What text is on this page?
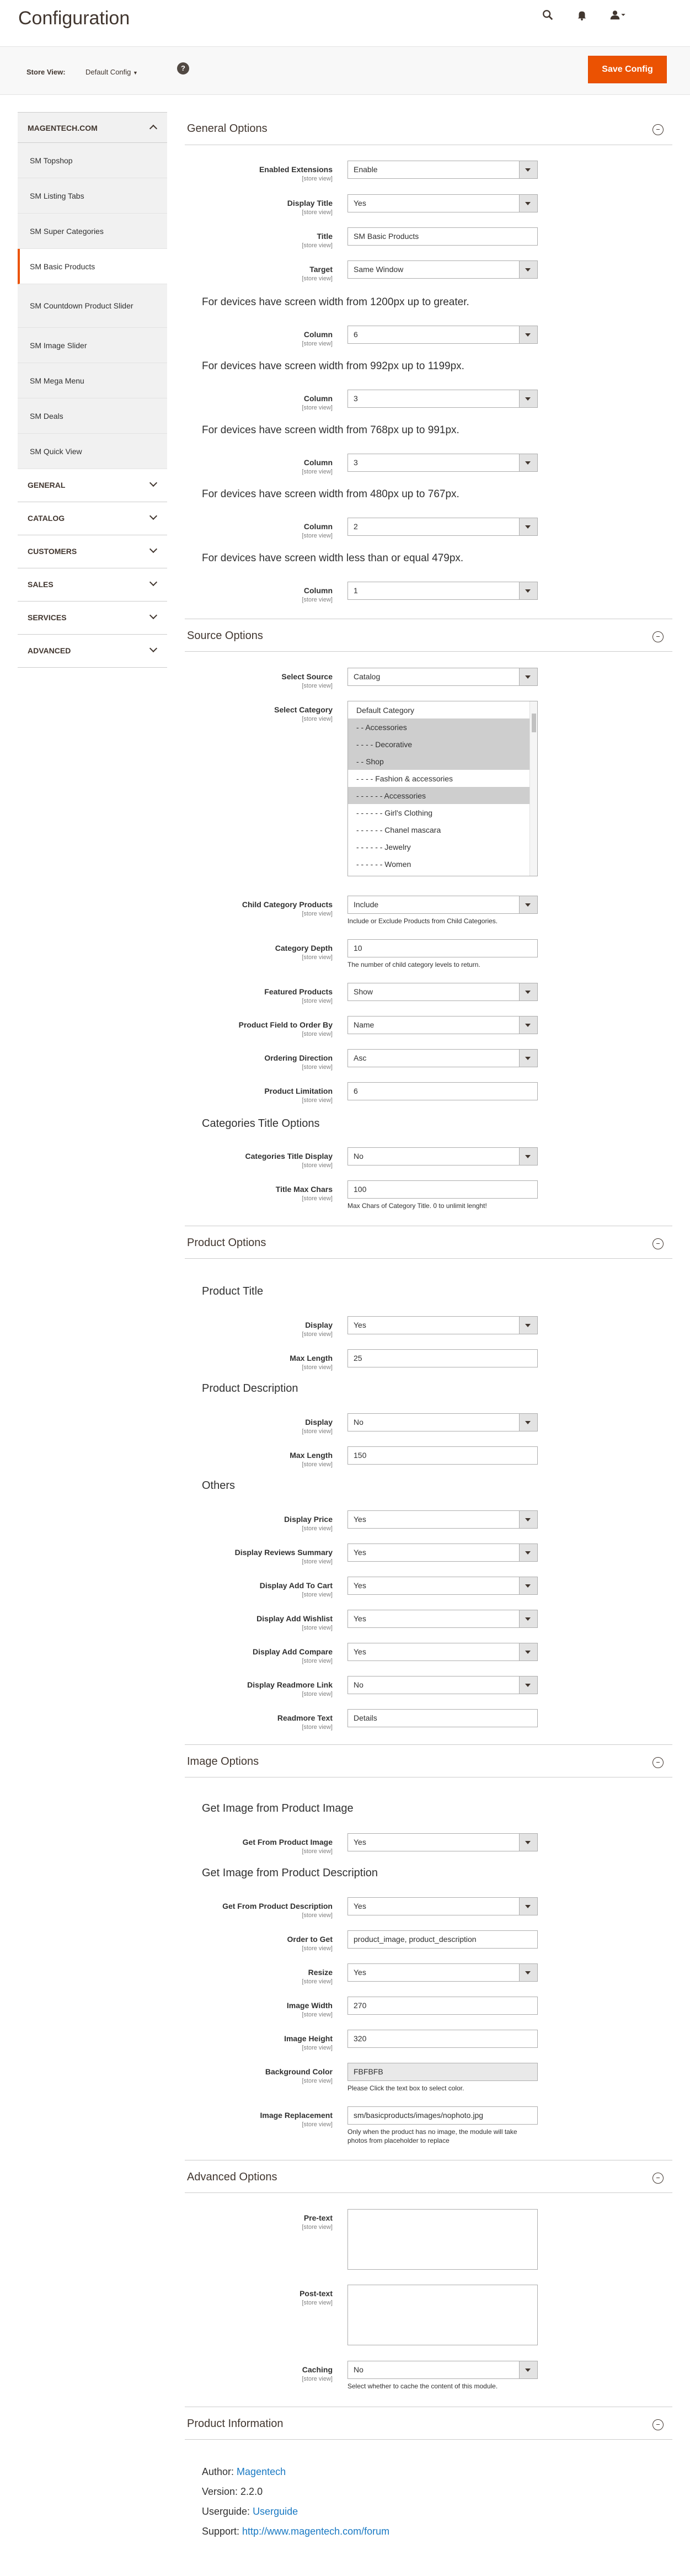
Configuration
Store View:	Default Config ▼
?	Save Config
MAGENTECH.COM
SM Topshop
SM Listing Tabs
SM Super Categories
SM Basic Products
SM Countdown Product Slider
SM Image Slider
SM Mega Menu
SM Deals
SM Quick View
GENERAL
CATALOG
CUSTOMERS
SALES
SERVICES
ADVANCED
General Options
Enabled Extensions
[store view]
Enable
Display Title
[store view]
Yes
Title
[store view]
SM Basic Products
Target
[store view]
Same Window
For devices have screen width from 1200px up to greater.
Column
[store view]
6
For devices have screen width from 992px up to 1199px.
Column
[store view]
3
For devices have screen width from 768px up to 991px.
Column
[store view]
3
For devices have screen width from 480px up to 767px.
Column
[store view]
2
For devices have screen width less than or equal 479px.
Column
[store view]
1
Source Options
Select Source
[store view]
Catalog
Select Category
[store view]
Default Category
- - Accessories
- - - - Decorative
- - Shop
- - - - Fashion & accessories
- - - - - - Accessories
- - - - - - Girl's Clothing
- - - - - - Chanel mascara
- - - - - - Jewelry
- - - - - - Women
Child Category Products
[store view]
Include
Include or Exclude Products from Child Categories.
Category Depth
[store view]
10
The number of child category levels to return.
Featured Products
[store view]
Show
Product Field to Order By
[store view]
Name
Ordering Direction
[store view]
Asc
Product Limitation
[store view]
6
Categories Title Options
Categories Title Display
[store view]
No
Title Max Chars
[store view]
100
Max Chars of Category Title. 0 to unlimit lenght!
Product Options
Product Title
Display
[store view]
Yes
Max Length
[store view]
25
Product Description
Display
[store view]
No
Max Length
[store view]
150
Others
Display Price
[store view]
Yes
Display Reviews Summary
[store view]
Yes
Display Add To Cart
[store view]
Yes
Display Add Wishlist
[store view]
Yes
Display Add Compare
[store view]
Yes
Display Readmore Link
[store view]
No
Readmore Text
[store view]
Details
Image Options
Get Image from Product Image
Get From Product Image
[store view]
Yes
Get Image from Product Description
Get From Product Description
[store view]
Yes
Order to Get
[store view]
product_image, product_description
Resize
[store view]
Yes
Image Width
[store view]
270
Image Height
[store view]
320
Background Color
[store view]
FBFBFB
Please Click the text box to select color.
Image Replacement
[store view]
sm/basicproducts/images/nophoto.jpg
Only when the product has no image, the module will take photos from placeholder to replace
Advanced Options
Pre-text
[store view]
Post-text
[store view]
Caching
[store view]
No
Select whether to cache the content of this module.
Product Information
Author: Magentech
Version: 2.2.0
Userguide: Userguide
Support: http://www.magentech.com/forum
